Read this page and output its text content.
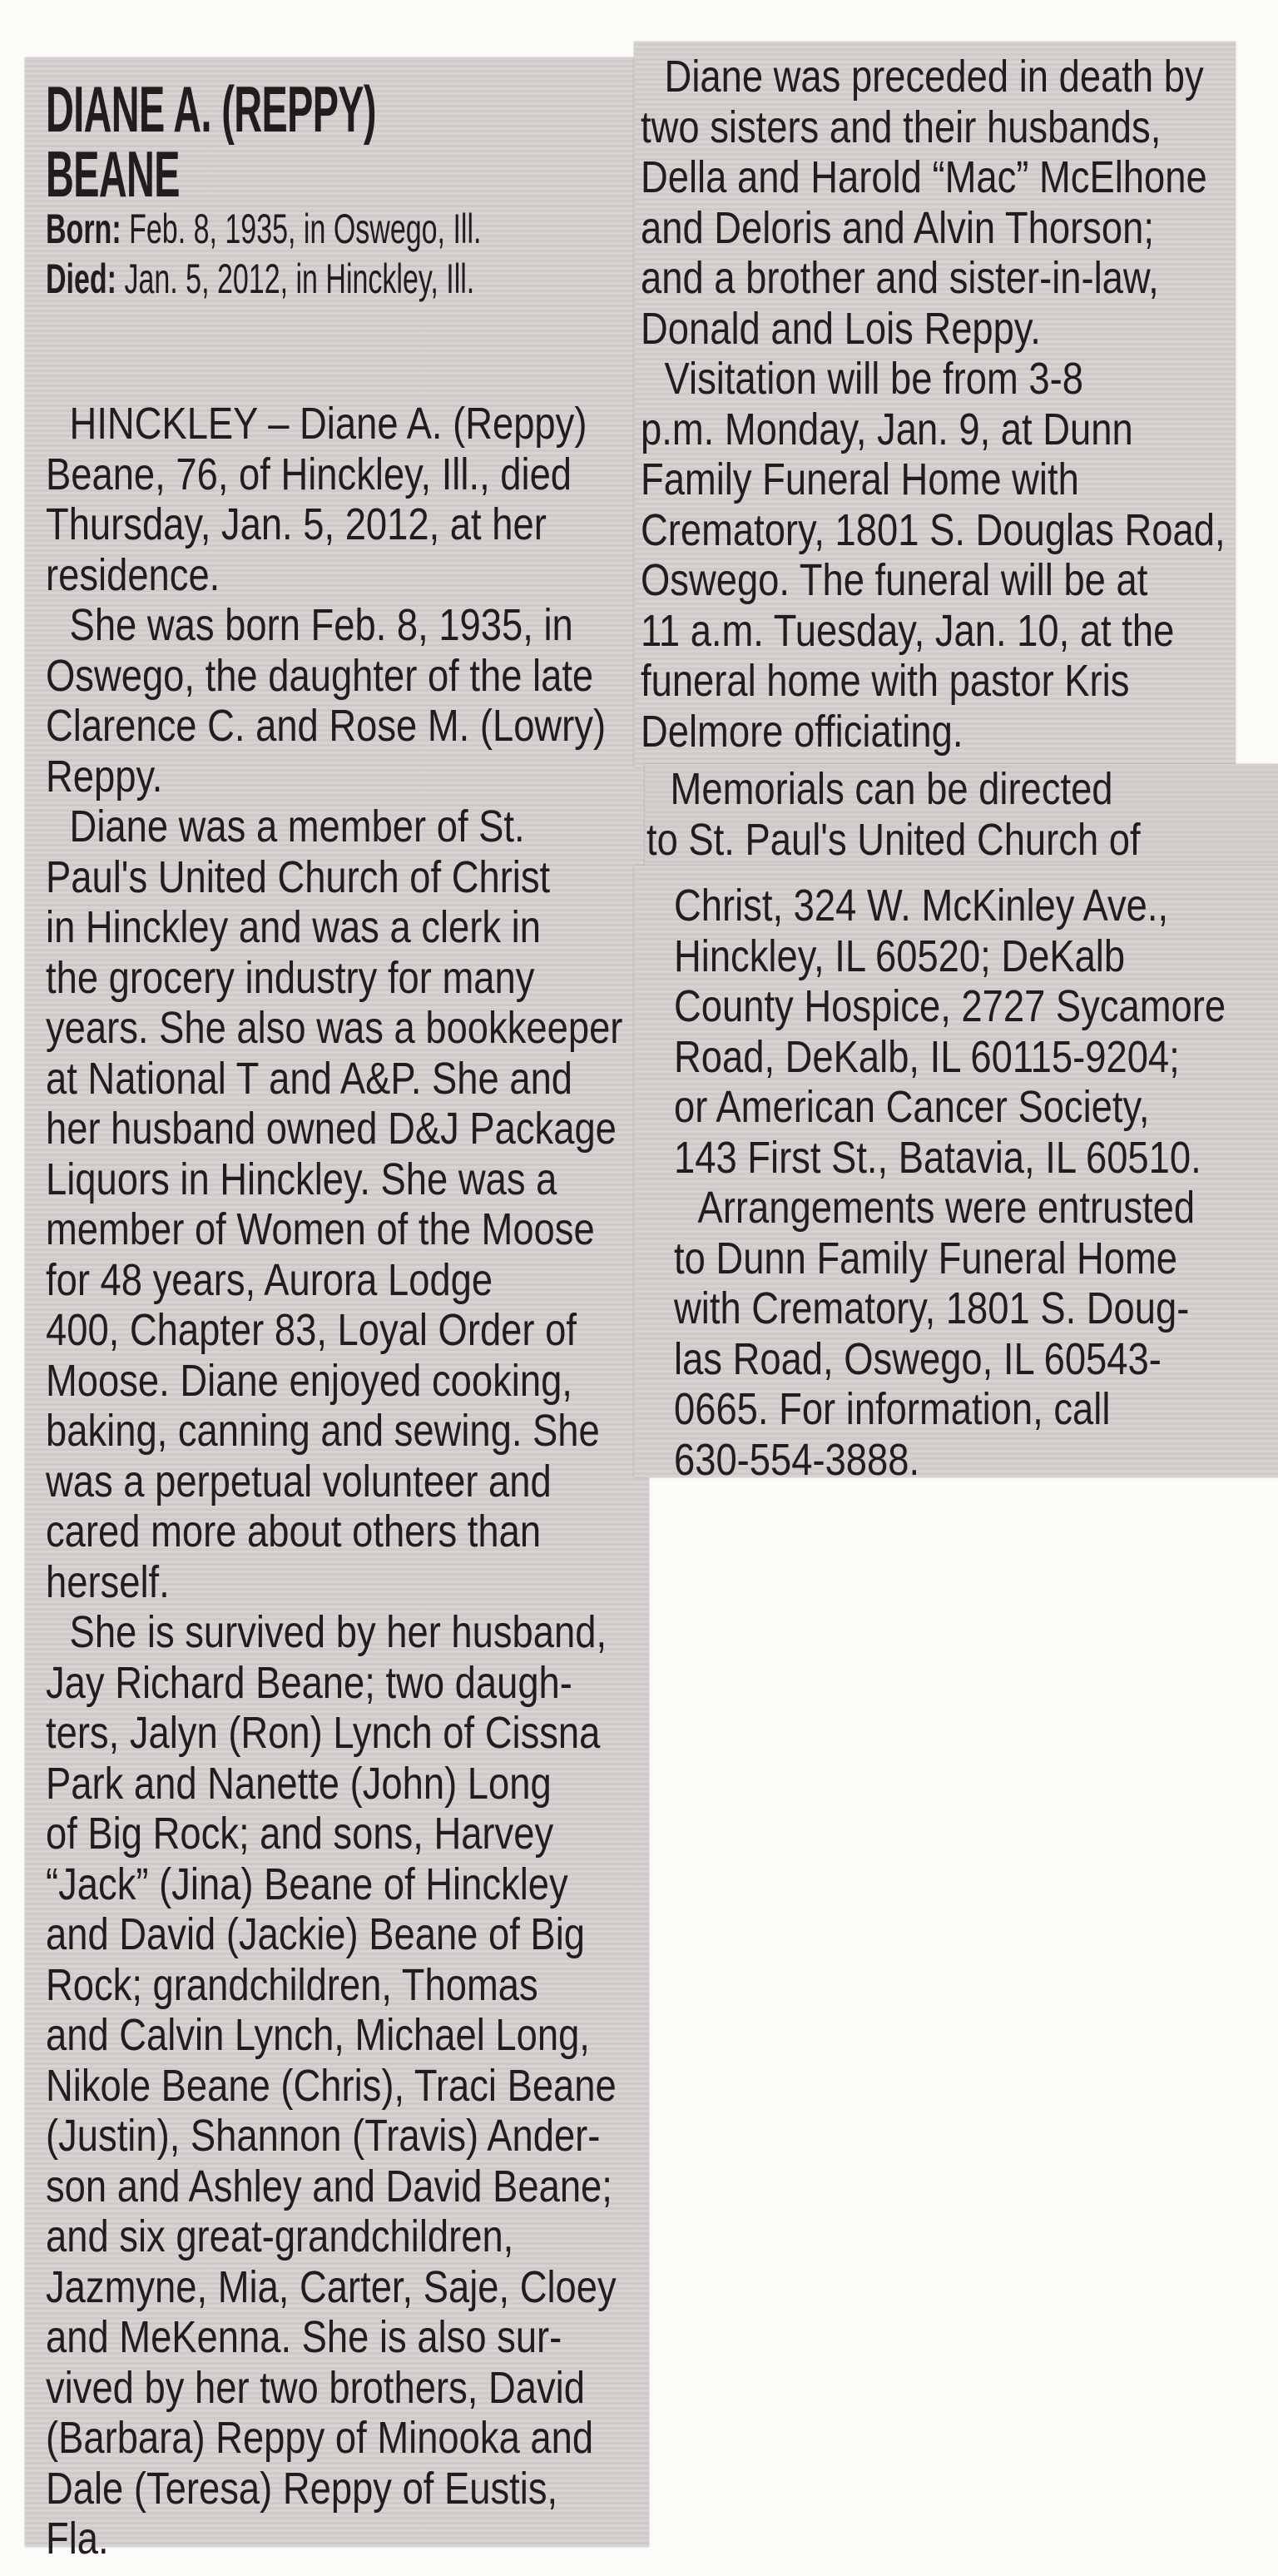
DIANE A. (REPPY)
BEANE
Born: Feb. 8, 1935, in Oswego, Ill.
Died: Jan. 5, 2012, in Hinckley, Ill.
HINCKLEY – Diane A. (Reppy)
Beane, 76, of Hinckley, Ill., died
Thursday, Jan. 5, 2012, at her
residence.
She was born Feb. 8, 1935, in
Oswego, the daughter of the late
Clarence C. and Rose M. (Lowry)
Reppy.
Diane was a member of St.
Paul's United Church of Christ
in Hinckley and was a clerk in
the grocery industry for many
years. She also was a bookkeeper
at National T and A&P. She and
her husband owned D&J Package
Liquors in Hinckley. She was a
member of Women of the Moose
for 48 years, Aurora Lodge
400, Chapter 83, Loyal Order of
Moose. Diane enjoyed cooking,
baking, canning and sewing. She
was a perpetual volunteer and
cared more about others than
herself.
She is survived by her husband,
Jay Richard Beane; two daugh-
ters, Jalyn (Ron) Lynch of Cissna
Park and Nanette (John) Long
of Big Rock; and sons, Harvey
“Jack” (Jina) Beane of Hinckley
and David (Jackie) Beane of Big
Rock; grandchildren, Thomas
and Calvin Lynch, Michael Long,
Nikole Beane (Chris), Traci Beane
(Justin), Shannon (Travis) Ander-
son and Ashley and David Beane;
and six great-grandchildren,
Jazmyne, Mia, Carter, Saje, Cloey
and MeKenna. She is also sur-
vived by her two brothers, David
(Barbara) Reppy of Minooka and
Dale (Teresa) Reppy of Eustis,
Fla.
Diane was preceded in death by
two sisters and their husbands,
Della and Harold “Mac” McElhone
and Deloris and Alvin Thorson;
and a brother and sister-in-law,
Donald and Lois Reppy.
Visitation will be from 3-8
p.m. Monday, Jan. 9, at Dunn
Family Funeral Home with
Crematory, 1801 S. Douglas Road,
Oswego. The funeral will be at
11 a.m. Tuesday, Jan. 10, at the
funeral home with pastor Kris
Delmore officiating.
Memorials can be directed
to St. Paul's United Church of
Christ, 324 W. McKinley Ave.,
Hinckley, IL 60520; DeKalb
County Hospice, 2727 Sycamore
Road, DeKalb, IL 60115-9204;
or American Cancer Society,
143 First St., Batavia, IL 60510.
Arrangements were entrusted
to Dunn Family Funeral Home
with Crematory, 1801 S. Doug-
las Road, Oswego, IL 60543-
0665. For information, call
630-554-3888.
